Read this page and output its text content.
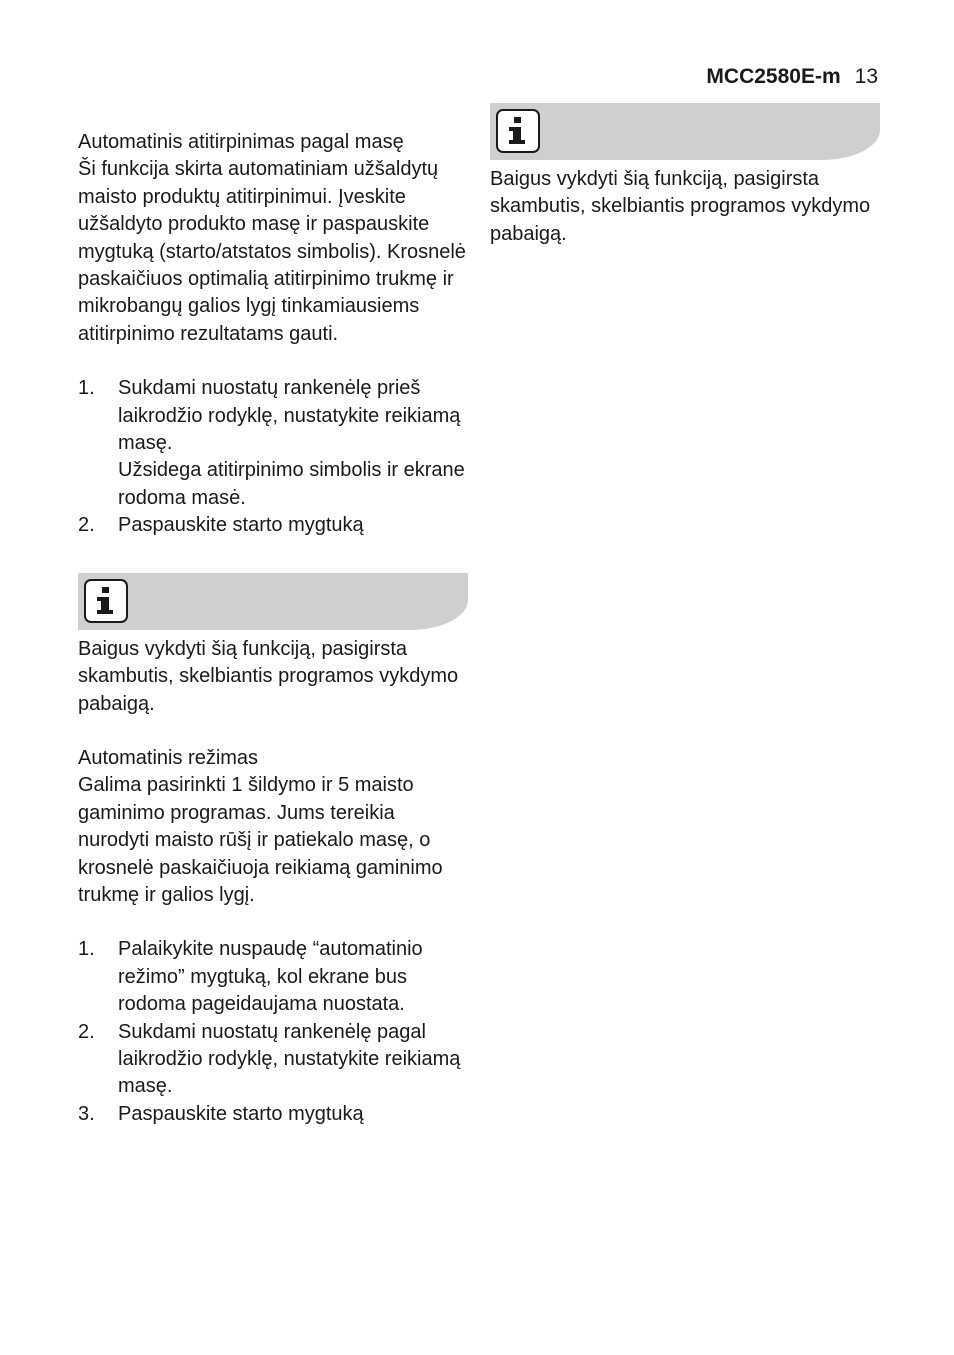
MCC2580E-m 13

Automatinis atitirpinimas pagal masę

Ši funkcija skirta automatiniam užšaldytų maisto produktų atitirpinimui. Įveskite užšaldyto produkto masę ir paspauskite mygtuką (starto/atstatos simbolis). Krosnelė paskaičiuos optimalią atitirpinimo trukmę ir mikrobangų galios lygį tinkamiausiems atitirpinimo rezultatams gauti.

1. Sukdami nuostatų rankenėlę prieš laikrodžio rodyklę, nustatykite reikiamą masę.
Užsidega atitirpinimo simbolis ir ekrane rodoma masė.
2. Paspauskite starto mygtuką

Baigus vykdyti šią funkciją, pasigirsta skambutis, skelbiantis programos vykdymo pabaigą.

Automatinis režimas

Galima pasirinkti 1 šildymo ir 5 maisto gaminimo programas. Jums tereikia nurodyti maisto rūšį ir patiekalo masę, o krosnelė paskaičiuoja reikiamą gaminimo trukmę ir galios lygį.

1. Palaikykite nuspaudę “automatinio režimo” mygtuką, kol ekrane bus rodoma pageidaujama nuostata.
2. Sukdami nuostatų rankenėlę pagal laikrodžio rodyklę, nustatykite reikiamą masę.
3. Paspauskite starto mygtuką

Baigus vykdyti šią funkciją, pasigirsta skambutis, skelbiantis programos vykdymo pabaigą.
